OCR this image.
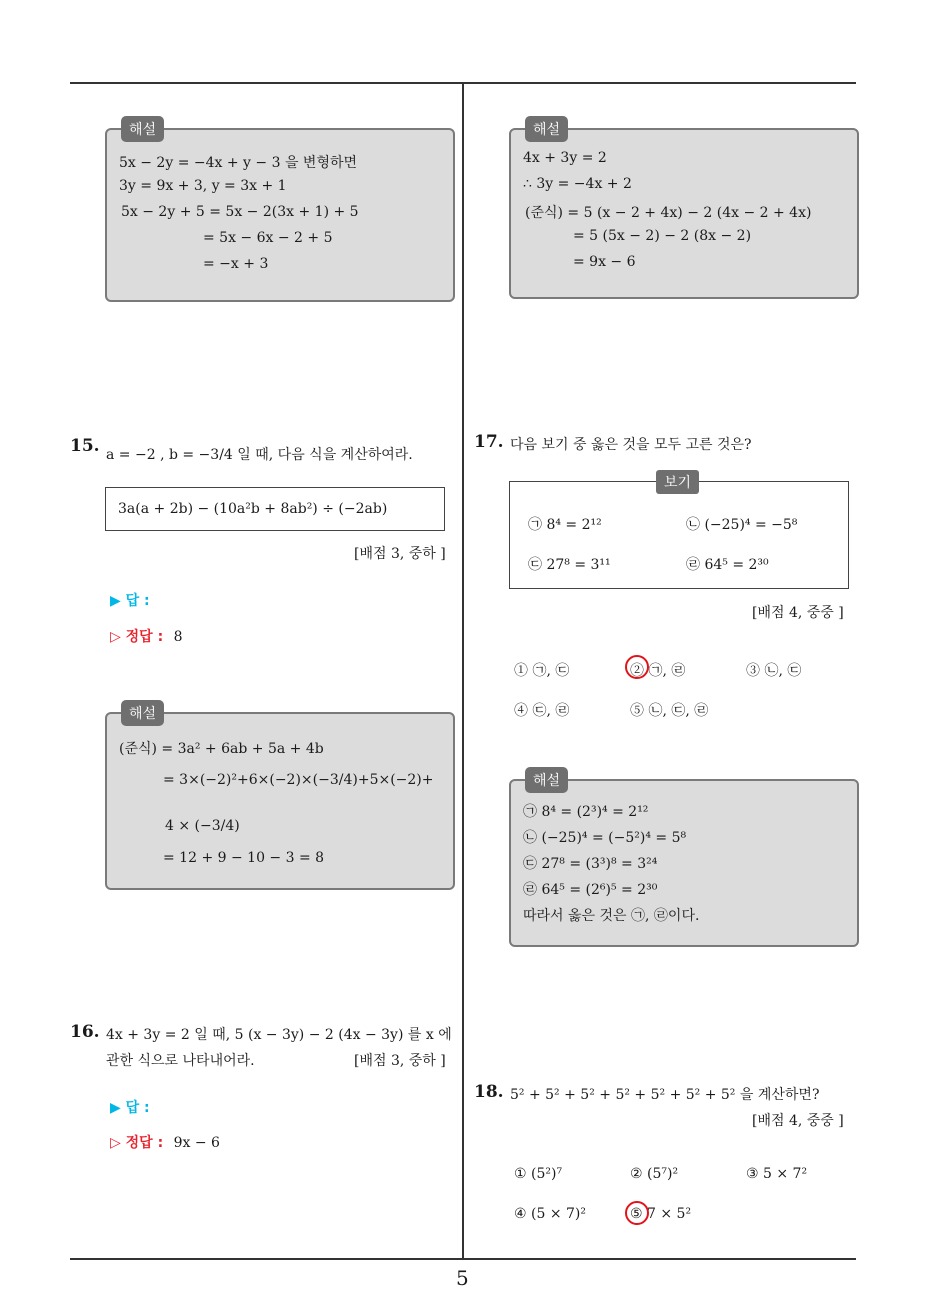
해설
5x − 2y = −4x + y − 3 을 변형하면
3y = 9x + 3, y = 3x + 1
5x − 2y + 5 = 5x − 2(3x + 1) + 5
= 5x − 6x − 2 + 5
= −x + 3
15. a = −2 , b = −3/4 일 때, 다음 식을 계산하여라.
3a(a + 2b) − (10a²b + 8ab²) ÷ (−2ab)
[배점 3, 중하 ]
▶ 답 :
▷ 정답 : 8
해설
(준식) = 3a² + 6ab + 5a + 4b
= 3×(−2)²+6×(−2)×(−3/4)+5×(−2)+
4 × (−3/4)
= 12 + 9 − 10 − 3 = 8
16. 4x + 3y = 2 일 때, 5 (x − 3y) − 2 (4x − 3y) 를 x 에
관한 식으로 나타내어라.	[배점 3, 중하 ]
▶ 답 :
▷ 정답 : 9x − 6
해설
4x + 3y = 2
∴ 3y = −4x + 2
(준식) = 5 (x − 2 + 4x) − 2 (4x − 2 + 4x)
= 5 (5x − 2) − 2 (8x − 2)
= 9x − 6
17. 다음 보기 중 옳은 것을 모두 고른 것은?
보기
㉠ 8⁴ = 2¹²	㉡ (−25)⁴ = −5⁸
㉢ 27⁸ = 3¹¹	㉣ 64⁵ = 2³⁰
[배점 4, 중중 ]
① ㉠, ㉢	② ㉠, ㉣	③ ㉡, ㉢
④ ㉢, ㉣	⑤ ㉡, ㉢, ㉣
해설
㉠ 8⁴ = (2³)⁴ = 2¹²
㉡ (−25)⁴ = (−5²)⁴ = 5⁸
㉢ 27⁸ = (3³)⁸ = 3²⁴
㉣ 64⁵ = (2⁶)⁵ = 2³⁰
따라서 옳은 것은 ㉠, ㉣이다.
18. 5² + 5² + 5² + 5² + 5² + 5² + 5² 을 계산하면?
[배점 4, 중중 ]
① (5²)⁷	② (5⁷)²	③ 5 × 7²
④ (5 × 7)²	⑤ 7 × 5²
5
